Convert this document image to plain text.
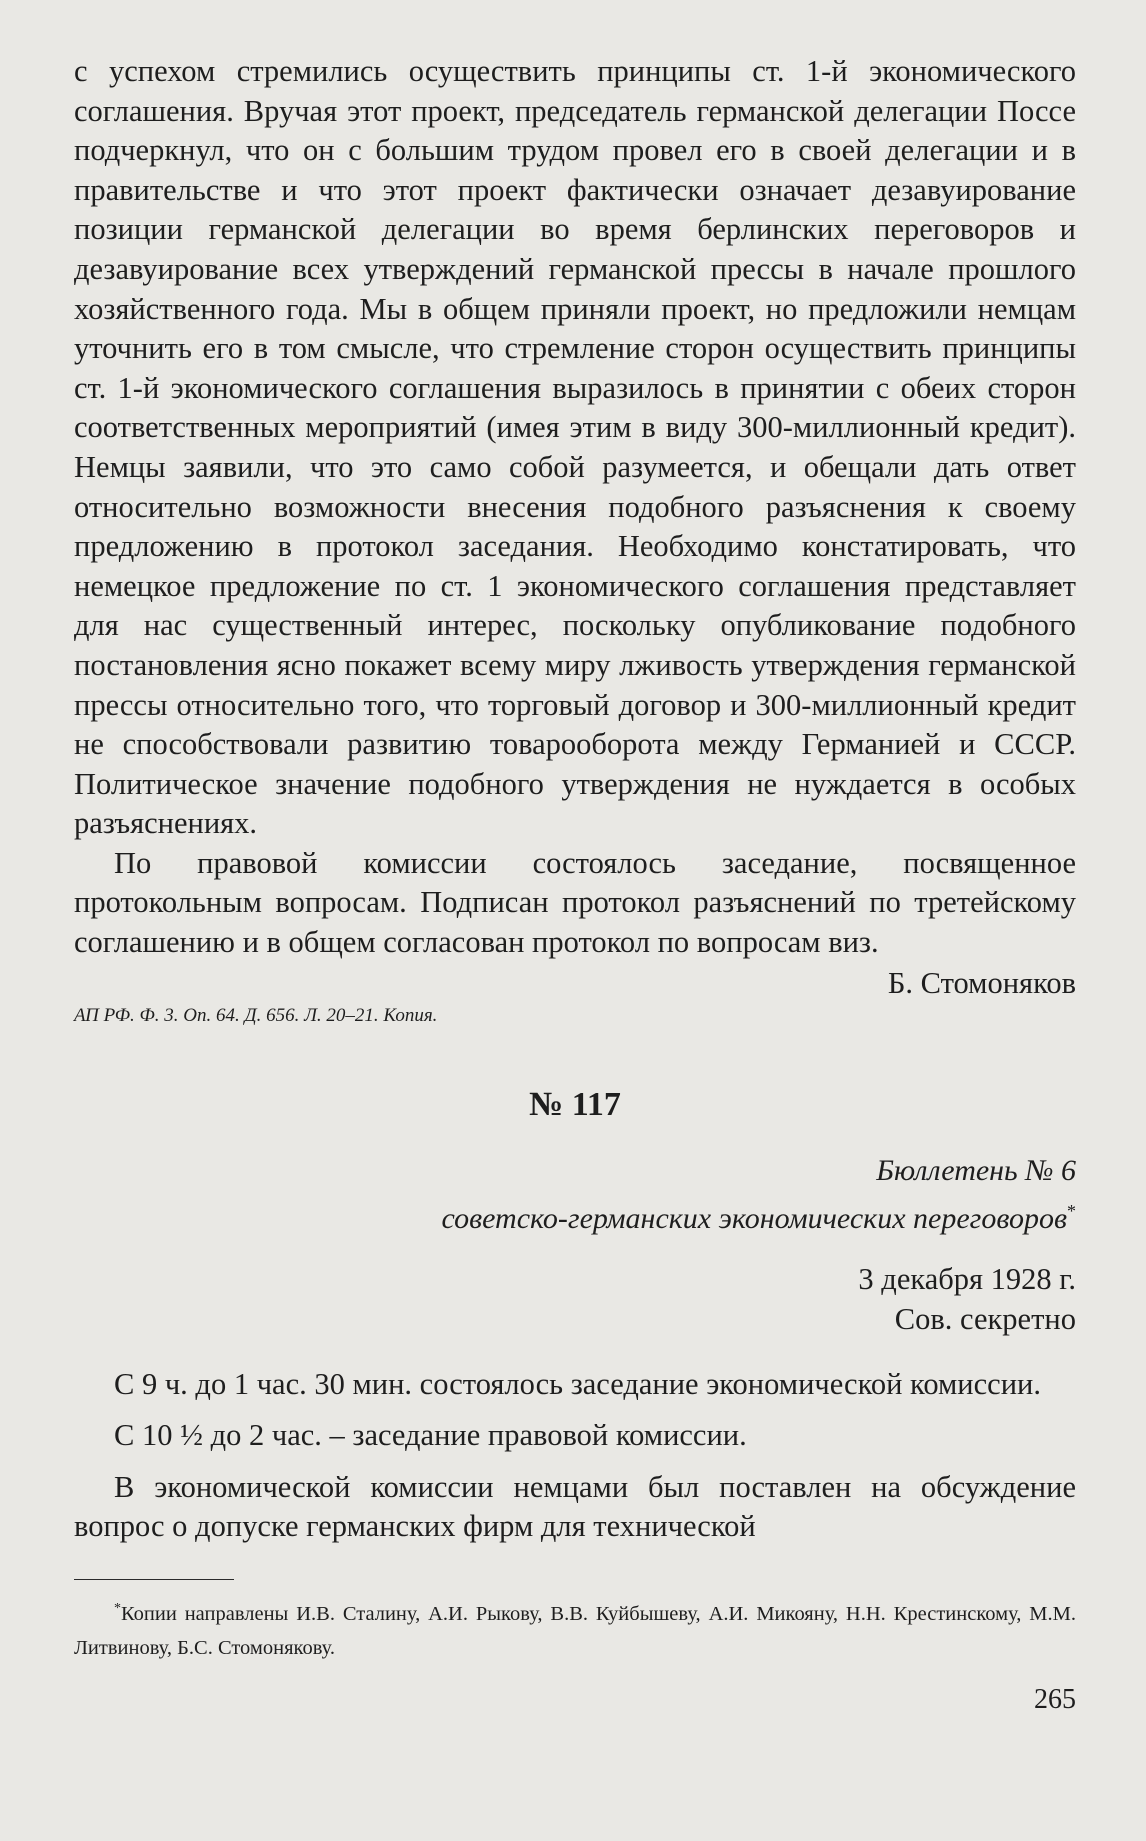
с успехом стремились осуществить принципы ст. 1-й экономического соглашения. Вручая этот проект, председатель германской делегации Поссе подчеркнул, что он с большим трудом провел его в своей делегации и в правительстве и что этот проект фактически означает дезавуирование позиции германской делегации во время берлинских переговоров и дезавуирование всех утверждений германской прессы в начале прошлого хозяйственного года. Мы в общем приняли проект, но предложили немцам уточнить его в том смысле, что стремление сторон осуществить принципы ст. 1-й экономического соглашения выразилось в принятии с обеих сторон соответственных мероприятий (имея этим в виду 300-миллионный кредит). Немцы заявили, что это само собой разумеется, и обещали дать ответ относительно возможности внесения подобного разъяснения к своему предложению в протокол заседания. Необходимо констатировать, что немецкое предложение по ст. 1 экономического соглашения представляет для нас существенный интерес, поскольку опубликование подобного постановления ясно покажет всему миру лживость утверждения германской прессы относительно того, что торговый договор и 300-миллионный кредит не способствовали развитию товарооборота между Германией и СССР. Политическое значение подобного утверждения не нуждается в особых разъяснениях.

По правовой комиссии состоялось заседание, посвященное протокольным вопросам. Подписан протокол разъяснений по третейскому соглашению и в общем согласован протокол по вопросам виз.

Б. Стомоняков

АП РФ. Ф. 3. Оп. 64. Д. 656. Л. 20–21. Копия.

№ 117

Бюллетень № 6

советско-германских экономических переговоров*

3 декабря 1928 г.

Сов. секретно

С 9 ч. до 1 час. 30 мин. состоялось заседание экономической комиссии.

С 10 ½ до 2 час. – заседание правовой комиссии.

В экономической комиссии немцами был поставлен на обсуждение вопрос о допуске германских фирм для технической

*Копии направлены И.В. Сталину, А.И. Рыкову, В.В. Куйбышеву, А.И. Микояну, Н.Н. Крестинскому, М.М. Литвинову, Б.С. Стомонякову.

265
